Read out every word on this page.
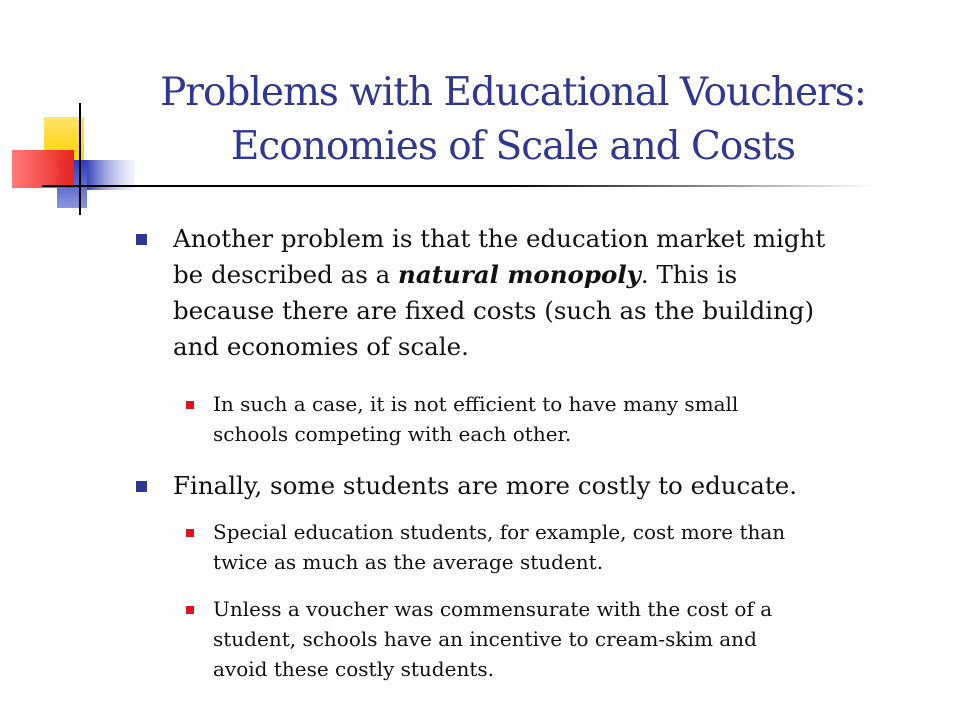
Problems with Educational Vouchers:
Economies of Scale and Costs
Another problem is that the education market might
be described as a natural monopoly. This is
because there are fixed costs (such as the building)
and economies of scale.
In such a case, it is not efficient to have many small
schools competing with each other.
Finally, some students are more costly to educate.
Special education students, for example, cost more than
twice as much as the average student.
Unless a voucher was commensurate with the cost of a
student, schools have an incentive to cream-skim and
avoid these costly students.
